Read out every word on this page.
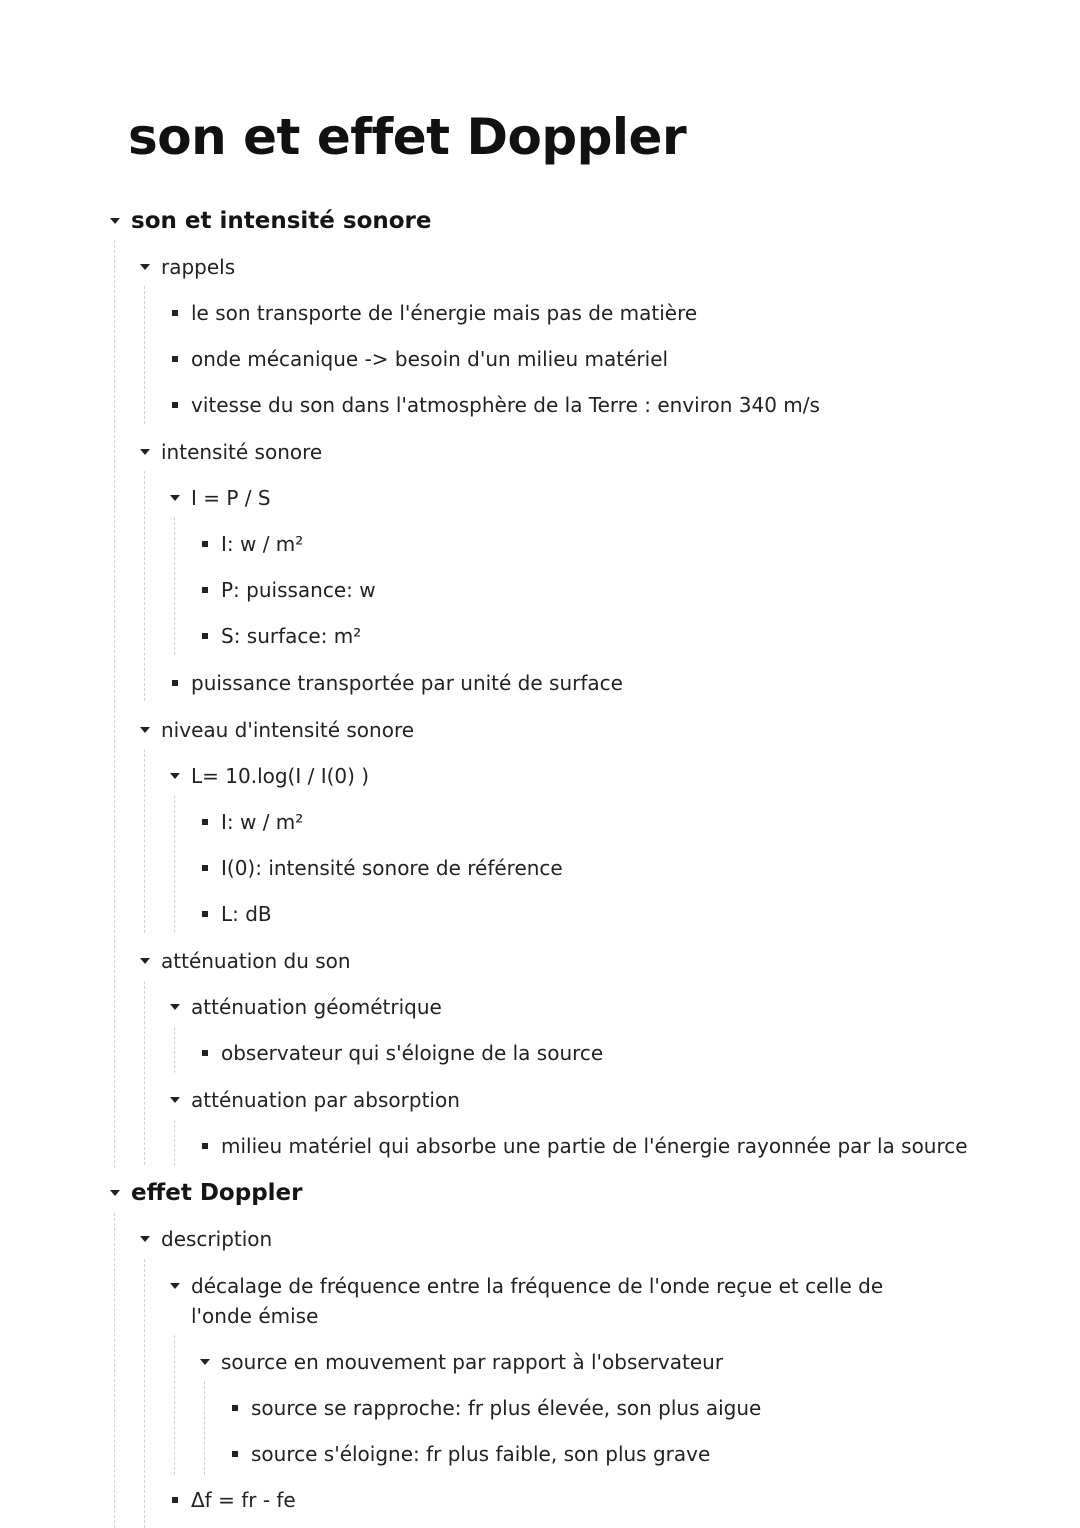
son et effet Doppler
son et intensité sonore
rappels
le son transporte de l'énergie mais pas de matière
onde mécanique -> besoin d'un milieu matériel
vitesse du son dans l'atmosphère de la Terre : environ 340 m/s
intensité sonore
I = P / S
I: w / m²
P: puissance: w
S: surface: m²
puissance transportée par unité de surface
niveau d'intensité sonore
L= 10.log(I / I(0) )
I: w / m²
I(0): intensité sonore de référence
L: dB
atténuation du son
atténuation géométrique
observateur qui s'éloigne de la source
atténuation par absorption
milieu matériel qui absorbe une partie de l'énergie rayonnée par la source
effet Doppler
description
décalage de fréquence entre la fréquence de l'onde reçue et celle de l'onde émise
source en mouvement par rapport à l'observateur
source se rapproche: fr plus élevée, son plus aigue
source s'éloigne: fr plus faible, son plus grave
Δf = fr - fe
